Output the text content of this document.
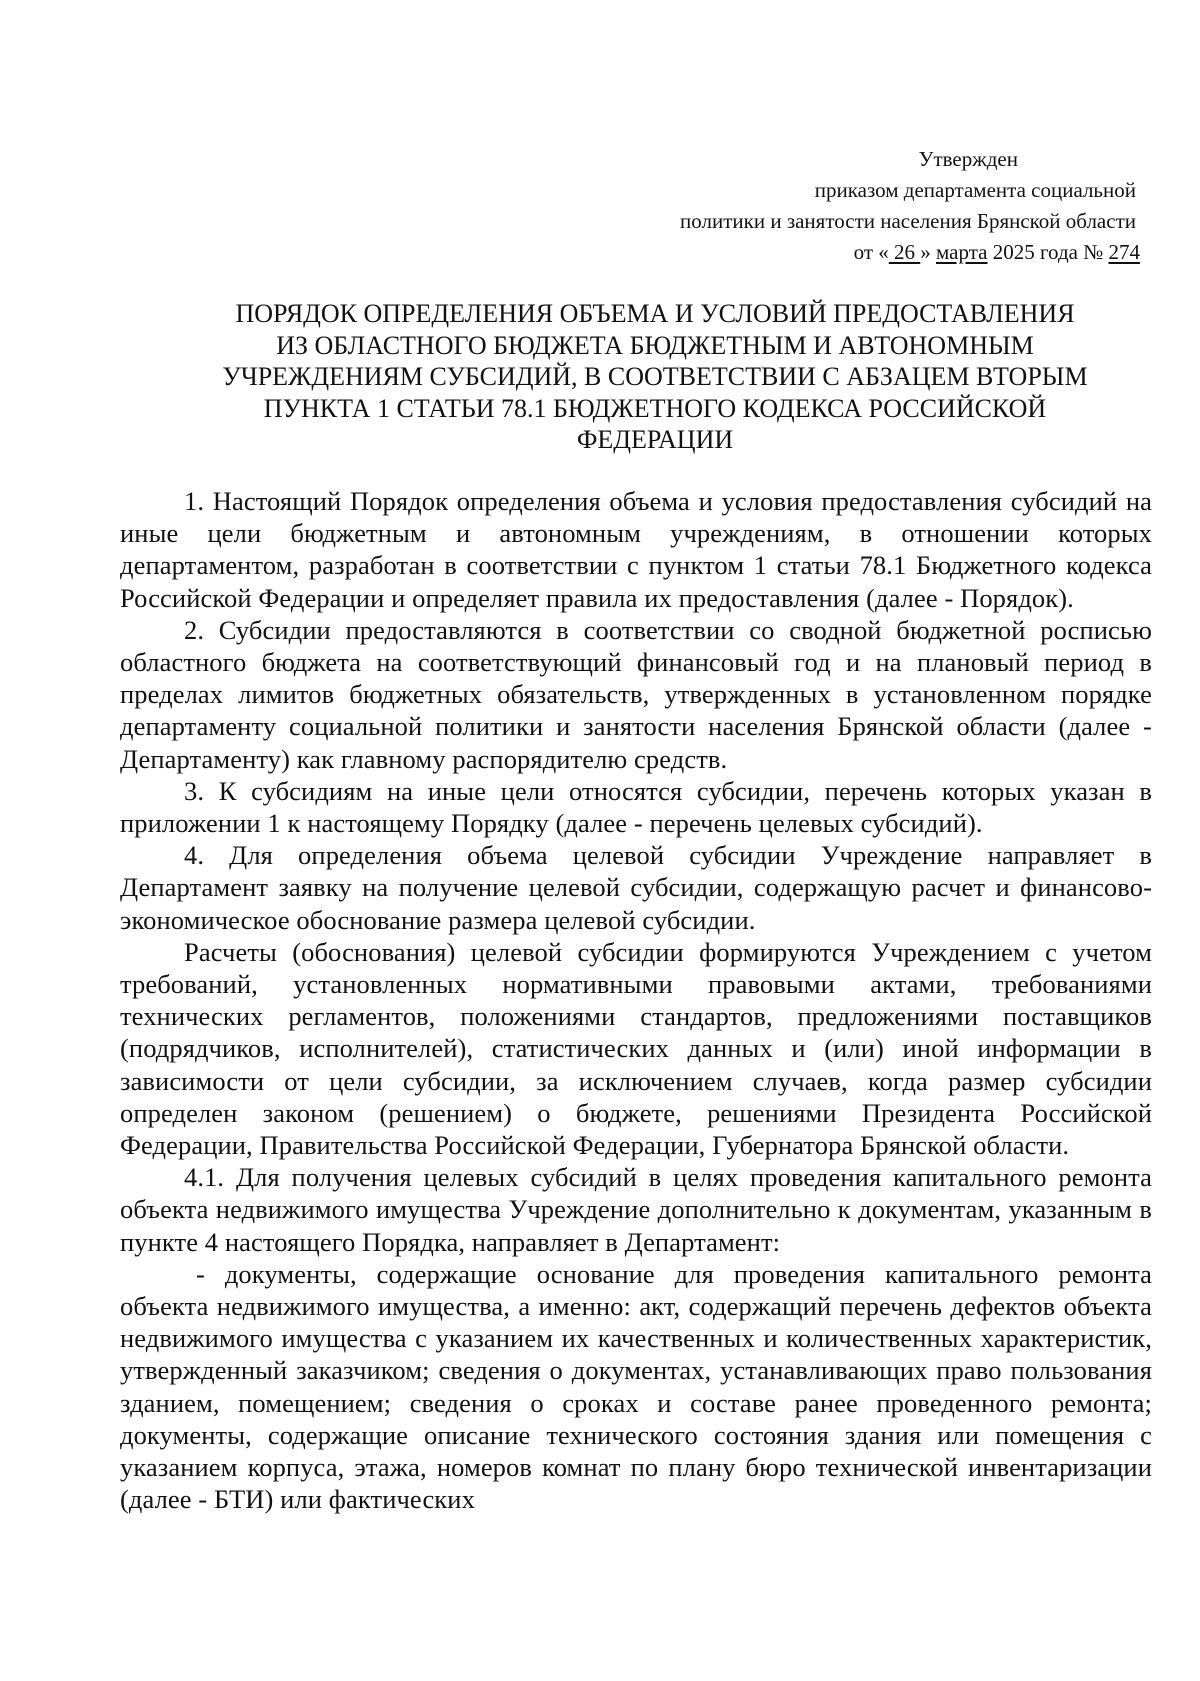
Утвержден
приказом департамента социальной
политики и занятости населения Брянской области
от « 26 » марта 2025 года № 274
ПОРЯДОК ОПРЕДЕЛЕНИЯ ОБЪЕМА И УСЛОВИЙ ПРЕДОСТАВЛЕНИЯ
ИЗ ОБЛАСТНОГО БЮДЖЕТА БЮДЖЕТНЫМ И АВТОНОМНЫМ
УЧРЕЖДЕНИЯМ СУБСИДИЙ, В СООТВЕТСТВИИ С АБЗАЦЕМ ВТОРЫМ
ПУНКТА 1 СТАТЬИ 78.1 БЮДЖЕТНОГО КОДЕКСА РОССИЙСКОЙ
ФЕДЕРАЦИИ

1. Настоящий Порядок определения объема и условия предоставления субсидий на иные цели бюджетным и автономным учреждениям, в отношении которых департаментом, разработан в соответствии с пунктом 1 статьи 78.1 Бюджетного кодекса Российской Федерации и определяет правила их предоставления (далее - Порядок).

2. Субсидии предоставляются в соответствии со сводной бюджетной росписью областного бюджета на соответствующий финансовый год и на плановый период в пределах лимитов бюджетных обязательств, утвержденных в установленном порядке департаменту социальной политики и занятости населения Брянской области (далее - Департаменту) как главному распорядителю средств.

3. К субсидиям на иные цели относятся субсидии, перечень которых указан в приложении 1 к настоящему Порядку (далее - перечень целевых субсидий).

4. Для определения объема целевой субсидии Учреждение направляет в Департамент заявку на получение целевой субсидии, содержащую расчет и финансово-экономическое обоснование размера целевой субсидии.

Расчеты (обоснования) целевой субсидии формируются Учреждением с учетом требований, установленных нормативными правовыми актами, требованиями технических регламентов, положениями стандартов, предложениями поставщиков (подрядчиков, исполнителей), статистических данных и (или) иной информации в зависимости от цели субсидии, за исключением случаев, когда размер субсидии определен законом (решением) о бюджете, решениями Президента Российской Федерации, Правительства Российской Федерации, Губернатора Брянской области.

4.1. Для получения целевых субсидий в целях проведения капитального ремонта объекта недвижимого имущества Учреждение дополнительно к документам, указанным в пункте 4 настоящего Порядка, направляет в Департамент:

- документы, содержащие основание для проведения капитального ремонта объекта недвижимого имущества, а именно: акт, содержащий перечень дефектов объекта недвижимого имущества с указанием их качественных и количественных характеристик, утвержденный заказчиком; сведения о документах, устанавливающих право пользования зданием, помещением; сведения о сроках и составе ранее проведенного ремонта; документы, содержащие описание технического состояния здания или помещения с указанием корпуса, этажа, номеров комнат по плану бюро технической инвентаризации (далее - БТИ) или фактических
